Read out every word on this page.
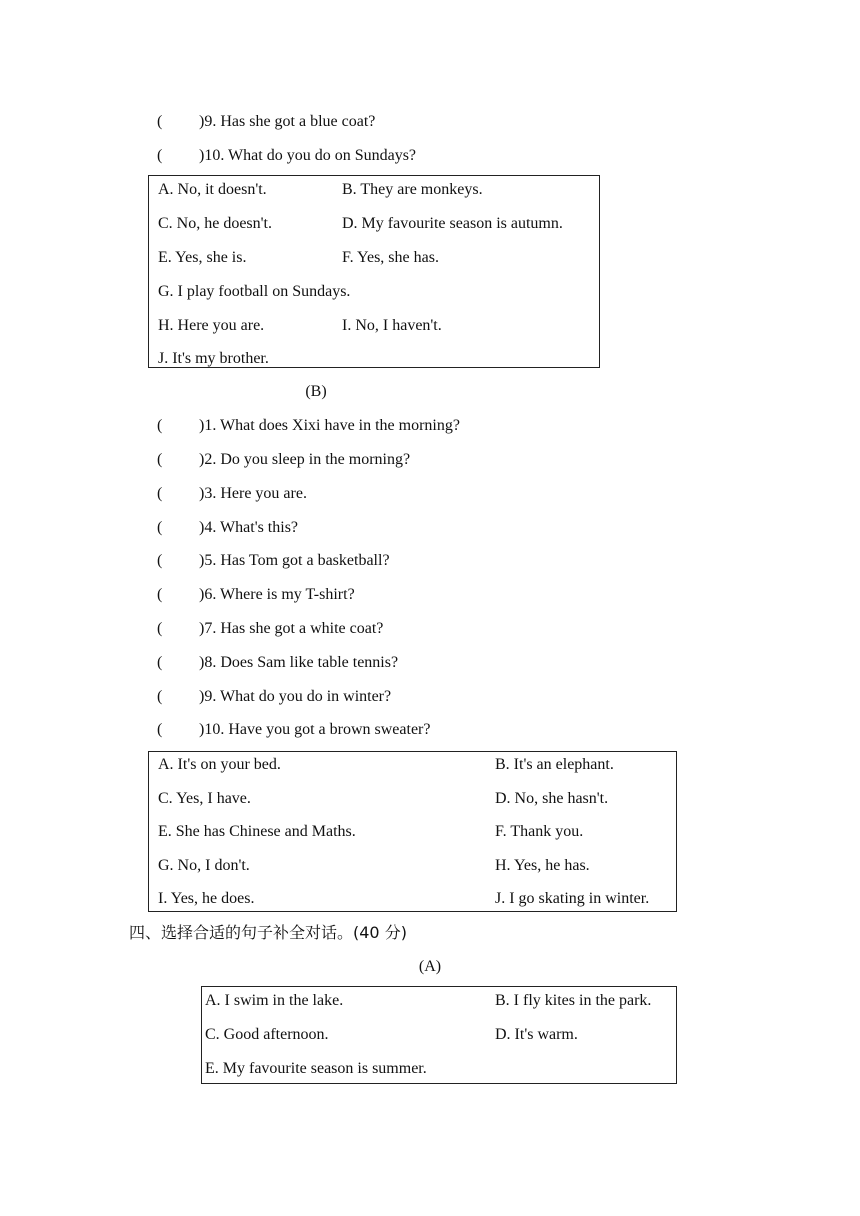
( )9. Has she got a blue coat?
( )10. What do you do on Sundays?
A. No, it doesn't.	B. They are monkeys.
C. No, he doesn't.	D. My favourite season is autumn.
E. Yes, she is.	F. Yes, she has.
G. I play football on Sundays.
H. Here you are.	I. No, I haven't.
J. It's my brother.
(B)
( )1. What does Xixi have in the morning?
( )2. Do you sleep in the morning?
( )3. Here you are.
( )4. What's this?
( )5. Has Tom got a basketball?
( )6. Where is my T-shirt?
( )7. Has she got a white coat?
( )8. Does Sam like table tennis?
( )9. What do you do in winter?
( )10. Have you got a brown sweater?
A. It's on your bed.	B. It's an elephant.
C. Yes, I have.	D. No, she hasn't.
E. She has Chinese and Maths.	F. Thank you.
G. No, I don't.	H. Yes, he has.
I. Yes, he does.	J. I go skating in winter.
四、选择合适的句子补全对话。(40 分)
(A)
A. I swim in the lake.	B. I fly kites in the park.
C. Good afternoon.	D. It's warm.
E. My favourite season is summer.
